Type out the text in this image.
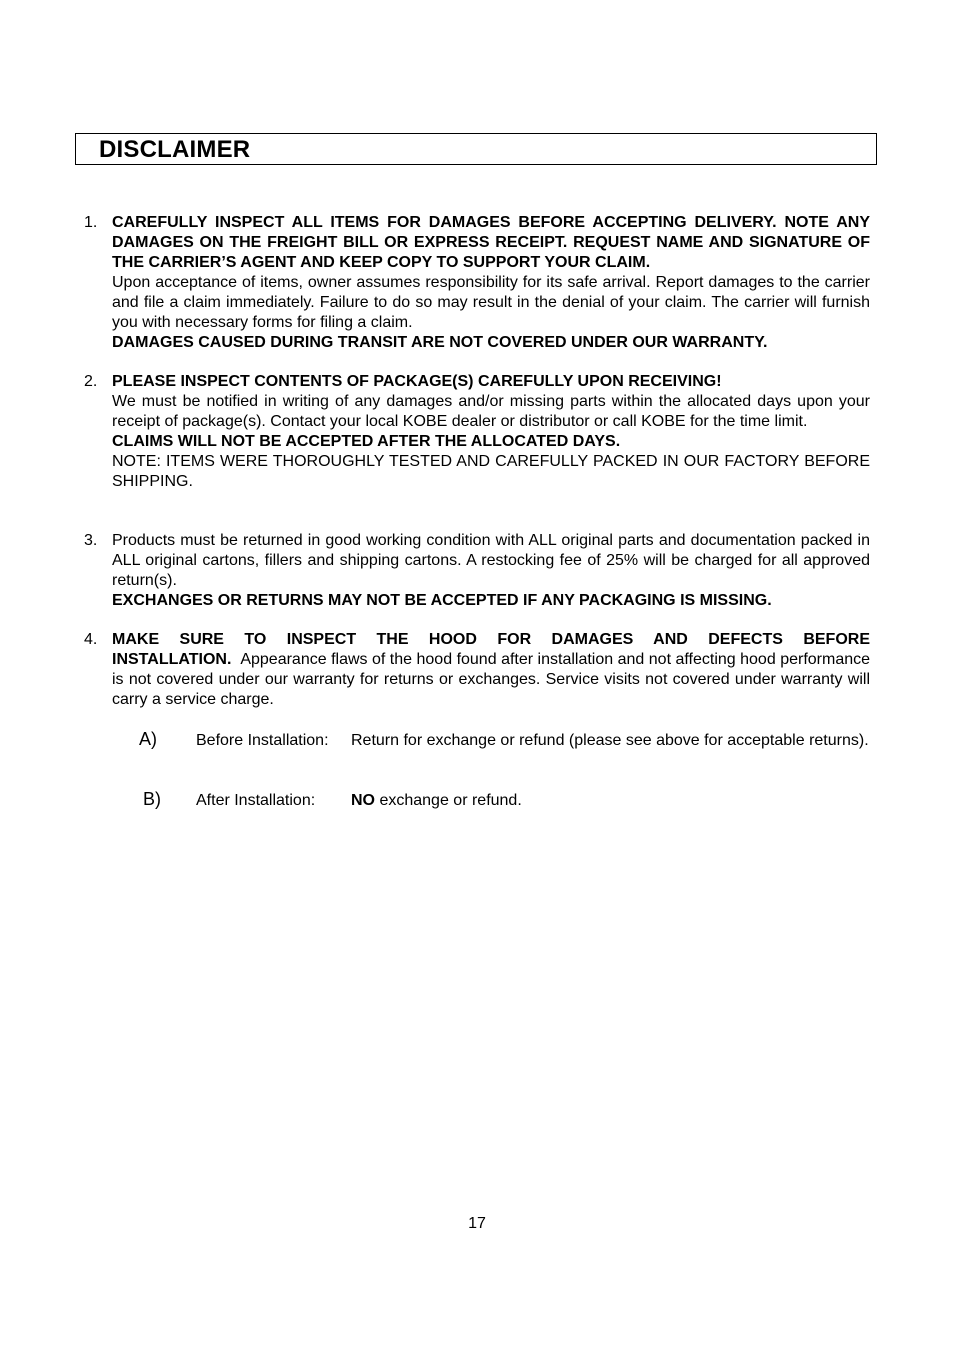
DISCLAIMER
1. CAREFULLY INSPECT ALL ITEMS FOR DAMAGES BEFORE ACCEPTING DELIVERY. NOTE ANY DAMAGES ON THE FREIGHT BILL OR EXPRESS RECEIPT. REQUEST NAME AND SIGNATURE OF THE CARRIER’S AGENT AND KEEP COPY TO SUPPORT YOUR CLAIM.

Upon acceptance of items, owner assumes responsibility for its safe arrival. Report damages to the carrier and file a claim immediately. Failure to do so may result in the denial of your claim. The carrier will furnish you with necessary forms for filing a claim.

DAMAGES CAUSED DURING TRANSIT ARE NOT COVERED UNDER OUR WARRANTY.

2. PLEASE INSPECT CONTENTS OF PACKAGE(S) CAREFULLY UPON RECEIVING!

We must be notified in writing of any damages and/or missing parts within the allocated days upon your receipt of package(s). Contact your local KOBE dealer or distributor or call KOBE for the time limit.

CLAIMS WILL NOT BE ACCEPTED AFTER THE ALLOCATED DAYS.

NOTE: ITEMS WERE THOROUGHLY TESTED AND CAREFULLY PACKED IN OUR FACTORY BEFORE SHIPPING.

3. Products must be returned in good working condition with ALL original parts and documentation packed in ALL original cartons, fillers and shipping cartons. A restocking fee of 25% will be charged for all approved return(s).

EXCHANGES OR RETURNS MAY NOT BE ACCEPTED IF ANY PACKAGING IS MISSING.

4. MAKE SURE TO INSPECT THE HOOD FOR DAMAGES AND DEFECTS BEFORE INSTALLATION. Appearance flaws of the hood found after installation and not affecting hood performance is not covered under our warranty for returns or exchanges. Service visits not covered under warranty will carry a service charge.

A) Before Installation: Return for exchange or refund (please see above for acceptable returns).
B) After Installation: NO exchange or refund.
17
